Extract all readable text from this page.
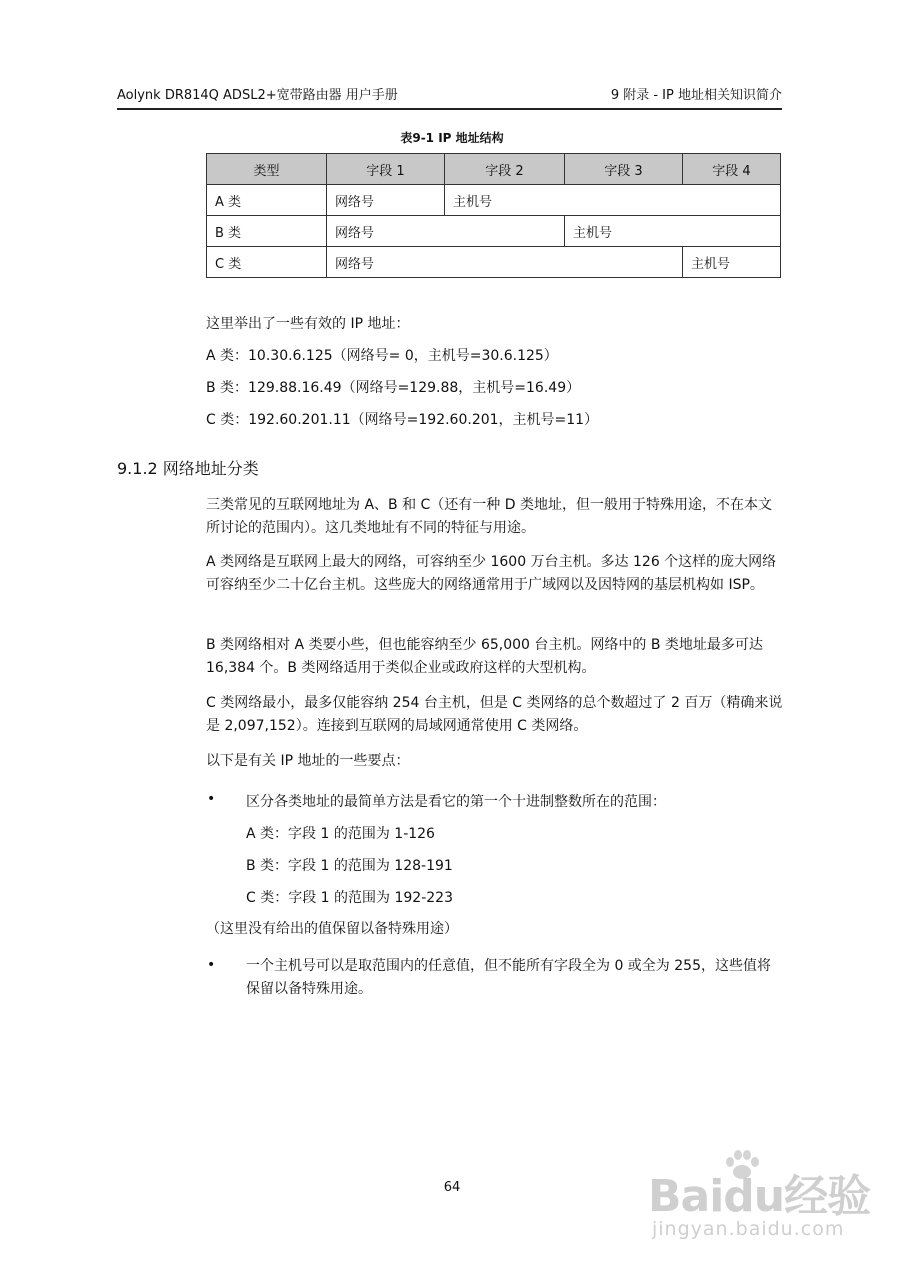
Aolynk DR814Q ADSL2+宽带路由器 用户手册	9 附录 - IP 地址相关知识简介
表9-1 IP 地址结构
类型	字段 1	字段 2	字段 3	字段 4
A 类	网络号	主机号		
B 类	网络号		主机号	
C 类	网络号			主机号
这里举出了一些有效的 IP 地址：
A 类：10.30.6.125（网络号= 0，主机号=30.6.125）
B 类：129.88.16.49（网络号=129.88，主机号=16.49）
C 类：192.60.201.11（网络号=192.60.201，主机号=11）
9.1.2 网络地址分类
三类常见的互联网地址为 A、B 和 C（还有一种 D 类地址，但一般用于特殊用途，不在本文所讨论的范围内）。这几类地址有不同的特征与用途。
A 类网络是互联网上最大的网络，可容纳至少 1600 万台主机。多达 126 个这样的庞大网络可容纳至少二十亿台主机。这些庞大的网络通常用于广域网以及因特网的基层机构如 ISP。
B 类网络相对 A 类要小些，但也能容纳至少 65,000 台主机。网络中的 B 类地址最多可达 16,384 个。B 类网络适用于类似企业或政府这样的大型机构。
C 类网络最小，最多仅能容纳 254 台主机，但是 C 类网络的总个数超过了 2 百万（精确来说是 2,097,152）。连接到互联网的局域网通常使用 C 类网络。
以下是有关 IP 地址的一些要点：
• 区分各类地址的最简单方法是看它的第一个十进制整数所在的范围：
A 类：字段 1 的范围为 1-126
B 类：字段 1 的范围为 128-191
C 类：字段 1 的范围为 192-223
（这里没有给出的值保留以备特殊用途）
• 一个主机号可以是取范围内的任意值，但不能所有字段全为 0 或全为 255，这些值将保留以备特殊用途。
64	Baidu经验
jingyan.baidu.com
